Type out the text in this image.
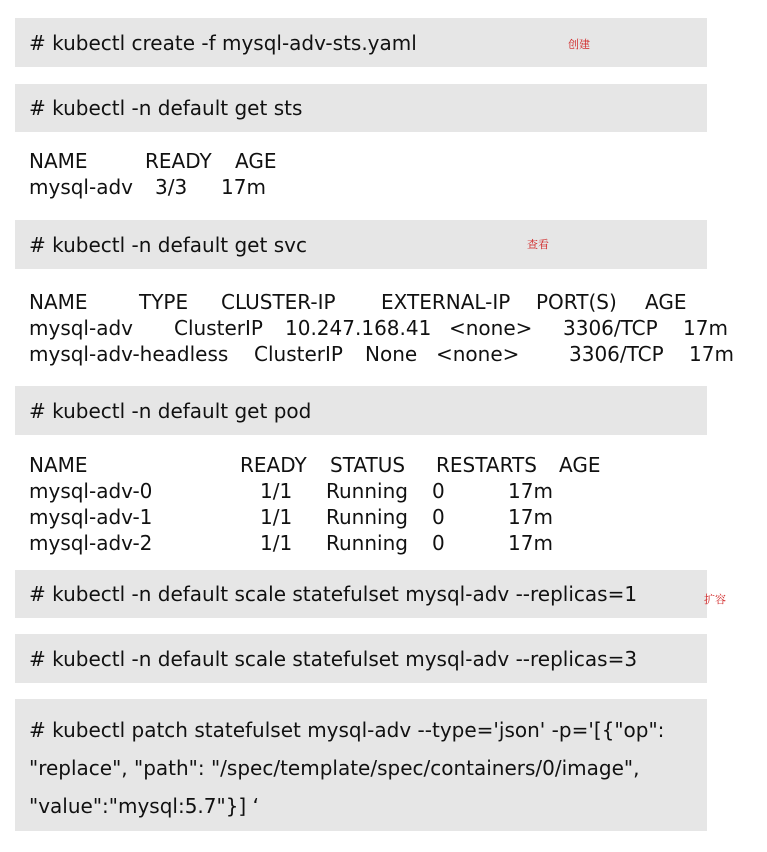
# kubectl create -f mysql-adv-sts.yaml	创建
# kubectl -n default get sts
NAME	READY AGE
mysql-adv 3/3 17m
# kubectl -n default get svc	查看
NAME	TYPE CLUSTER-IP EXTERNAL-IP PORT(S) AGE
mysql-adv ClusterIP 10.247.168.41 <none> 3306/TCP 17m
mysql-adv-headless ClusterIP None <none> 3306/TCP 17m
# kubectl -n default get pod
NAME	READY STATUS RESTARTS AGE
mysql-adv-0	1/1 Running 0	17m
mysql-adv-1	1/1 Running 0	17m
mysql-adv-2	1/1 Running 0	17m
# kubectl -n default scale statefulset mysql-adv --replicas=1	扩容
# kubectl -n default scale statefulset mysql-adv --replicas=3
# kubectl patch statefulset mysql-adv --type='json' -p='[{"op":
"replace", "path": "/spec/template/spec/containers/0/image",
"value":"mysql:5.7"}] ‘
